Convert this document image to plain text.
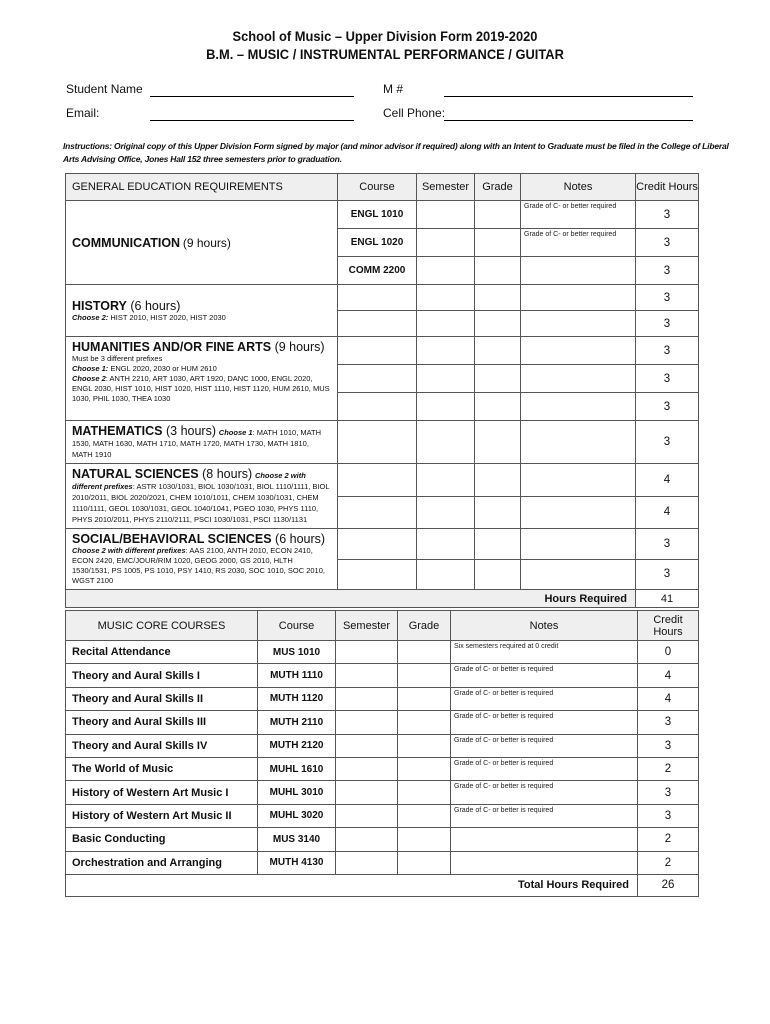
School of Music – Upper Division Form 2019-2020
B.M. – MUSIC / INSTRUMENTAL PERFORMANCE / GUITAR
Student Name	M #
Email:	Cell Phone:
Instructions: Original copy of this Upper Division Form signed by major (and minor advisor if required) along with an Intent to Graduate must be filed in the College of Liberal Arts Advising Office, Jones Hall 152 three semesters prior to graduation.
GENERAL EDUCATION REQUIREMENTS	Course	Semester	Grade	Notes	Credit Hours
COMMUNICATION (9 hours)	ENGL 1010			Grade of C- or better required	3
	ENGL 1020			Grade of C- or better required	3
	COMM 2200				3

HISTORY (6 hours)
Choose 2: HIST 2010, HIST 2020, HIST 2030					3
					3

HUMANITIES AND/OR FINE ARTS (9 hours)
Must be 3 different prefixes
Choose 1: ENGL 2020, 2030 or HUM 2610
Choose 2: ANTH 2210, ART 1030, ART 1920, DANC 1000, ENGL 2020, ENGL 2030, HIST 1010, HIST 1020, HIST 1110, HIST 1120, HUM 2610, MUS 1030, PHIL 1030, THEA 1030					3
					3
					3
MATHEMATICS (3 hours) Choose 1: MATH 1010, MATH 1530, MATH 1630, MATH 1710, MATH 1720, MATH 1730, MATH 1810, MATH 1910					3
NATURAL SCIENCES (8 hours) Choose 2 with different prefixes: ASTR 1030/1031, BIOL 1030/1031, BIOL 1110/1111, BIOL 2010/2011, BIOL 2020/2021, CHEM 1010/1011, CHEM 1030/1031, CHEM 1110/1111, GEOL 1030/1031, GEOL 1040/1041, PGEO 1030, PHYS 1110, PHYS 2010/2011, PHYS 2110/2111, PSCI 1030/1031, PSCI 1130/1131					4
					4

SOCIAL/BEHAVIORAL SCIENCES (6 hours)
Choose 2 with different prefixes: AAS 2100, ANTH 2010, ECON 2410, ECON 2420, EMC/JOUR/RIM 1020, GEOG 2000, GS 2010, HLTH 1530/1531, PS 1005, PS 1010, PSY 1410, RS 2030, SOC 1010, SOC 2010, WGST 2100					3
					3
Hours Required					41
MUSIC CORE COURSES	Course	Semester	Grade	Notes	Credit Hours
Recital Attendance	MUS 1010			Six semesters required at 0 credit	0
Theory and Aural Skills I	MUTH 1110			Grade of C- or better is required	4
Theory and Aural Skills II	MUTH 1120			Grade of C- or better is required	4
Theory and Aural Skills III	MUTH 2110			Grade of C- or better is required	3
Theory and Aural Skills IV	MUTH 2120			Grade of C- or better is required	3
The World of Music	MUHL 1610			Grade of C- or better is required	2
History of Western Art Music I	MUHL 3010			Grade of C- or better is required	3
History of Western Art Music II	MUHL 3020			Grade of C- or better is required	3
Basic Conducting	MUS 3140				2
Orchestration and Arranging	MUTH 4130				2
Total Hours Required					26
